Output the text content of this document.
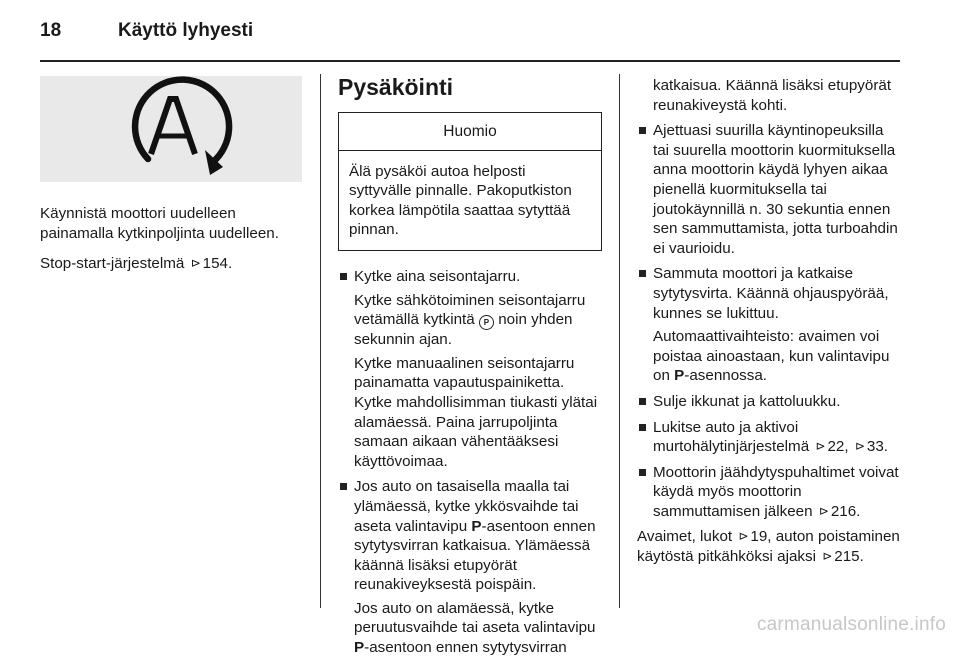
18	Käyttö lyhyesti

Käynnistä moottori uudelleen painamalla kytkinpoljinta uudelleen.

Stop-start-järjestelmä ⊳ 154.

Pysäköinti
Huomio
Älä pysäköi autoa helposti syttyvälle pinnalle. Pakoputkiston korkea lämpötila saattaa sytyttää pinnan.
Kytke aina seisontajarru.
Kytke sähkötoiminen seisontajarru vetämällä kytkintä P noin yhden sekunnin ajan.
Kytke manuaalinen seisontajarru painamatta vapautuspainiketta. Kytke mahdollisimman tiukasti ylätai alamäessä. Paina jarrupoljinta samaan aikaan vähentääksesi käyttövoimaa.
Jos auto on tasaisella maalla tai ylämäessä, kytke ykkösvaihde tai aseta valintavipu P-asentoon ennen sytytysvirran katkaisua. Ylämäessä käännä lisäksi etupyörät reunakiveyksestä poispäin.
Jos auto on alamäessä, kytke peruutusvaihde tai aseta valintavipu P-asentoon ennen sytytysvirran
katkaisua. Käännä lisäksi etupyörät reunakiveystä kohti.
Ajettuasi suurilla käyntinopeuksilla tai suurella moottorin kuormituksella anna moottorin käydä lyhyen aikaa pienellä kuormituksella tai joutokäynnillä n. 30 sekuntia ennen sen sammuttamista, jotta turboahdin ei vaurioidu.
Sammuta moottori ja katkaise sytytysvirta. Käännä ohjauspyörää, kunnes se lukittuu.
Automaattivaihteisto: avaimen voi poistaa ainoastaan, kun valintavipu on P-asennossa.
Sulje ikkunat ja kattoluukku.
Lukitse auto ja aktivoi murtohälytinjärjestelmä ⊳ 22, ⊳ 33.
Moottorin jäähdytyspuhaltimet voivat käydä myös moottorin sammuttamisen jälkeen ⊳ 216.

Avaimet, lukot ⊳ 19, auton poistaminen käytöstä pitkähköksi ajaksi ⊳ 215.

carmanualsonline.info
